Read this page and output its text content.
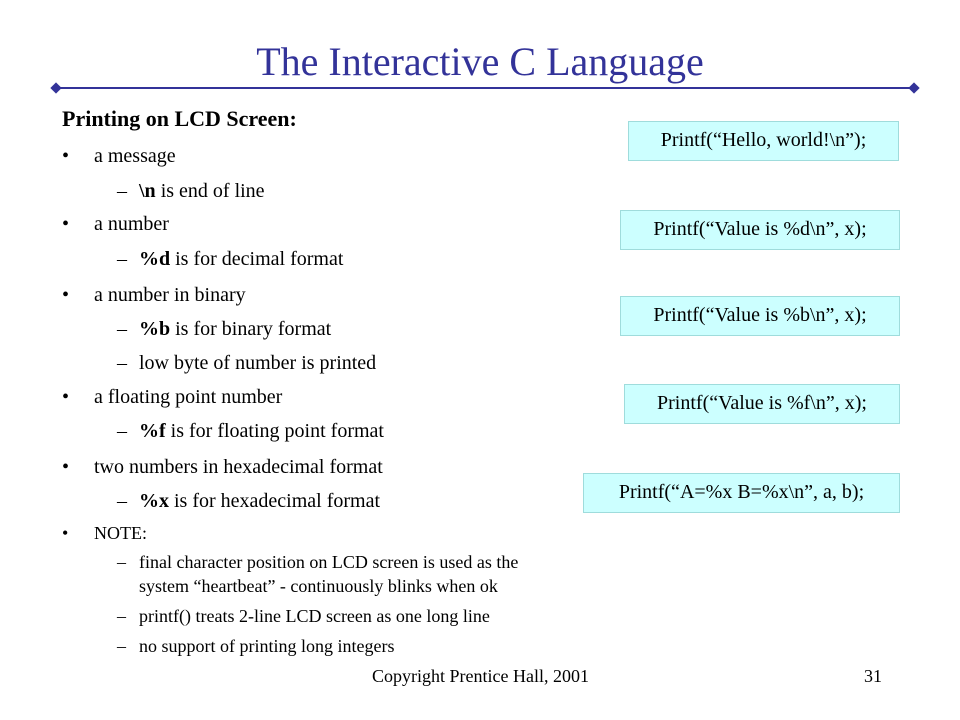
The Interactive C Language
Printing on LCD Screen:
• a message
– \n is end of line
• a number
– %d is for decimal format
• a number in binary
– %b is for binary format
– low byte of number is printed
• a floating point number
– %f is for floating point format
• two numbers in hexadecimal format
– %x is for hexadecimal format
• NOTE:
– final character position on LCD screen is used as the
system “heartbeat” - continuously blinks when ok
– printf() treats 2-line LCD screen as one long line
– no support of printing long integers
Printf(“Hello, world!\n”);
Printf(“Value is %d\n”, x);
Printf(“Value is %b\n”, x);
Printf(“Value is %f\n”, x);
Printf(“A=%x B=%x\n”, a, b);
Copyright Prentice Hall, 2001	31
